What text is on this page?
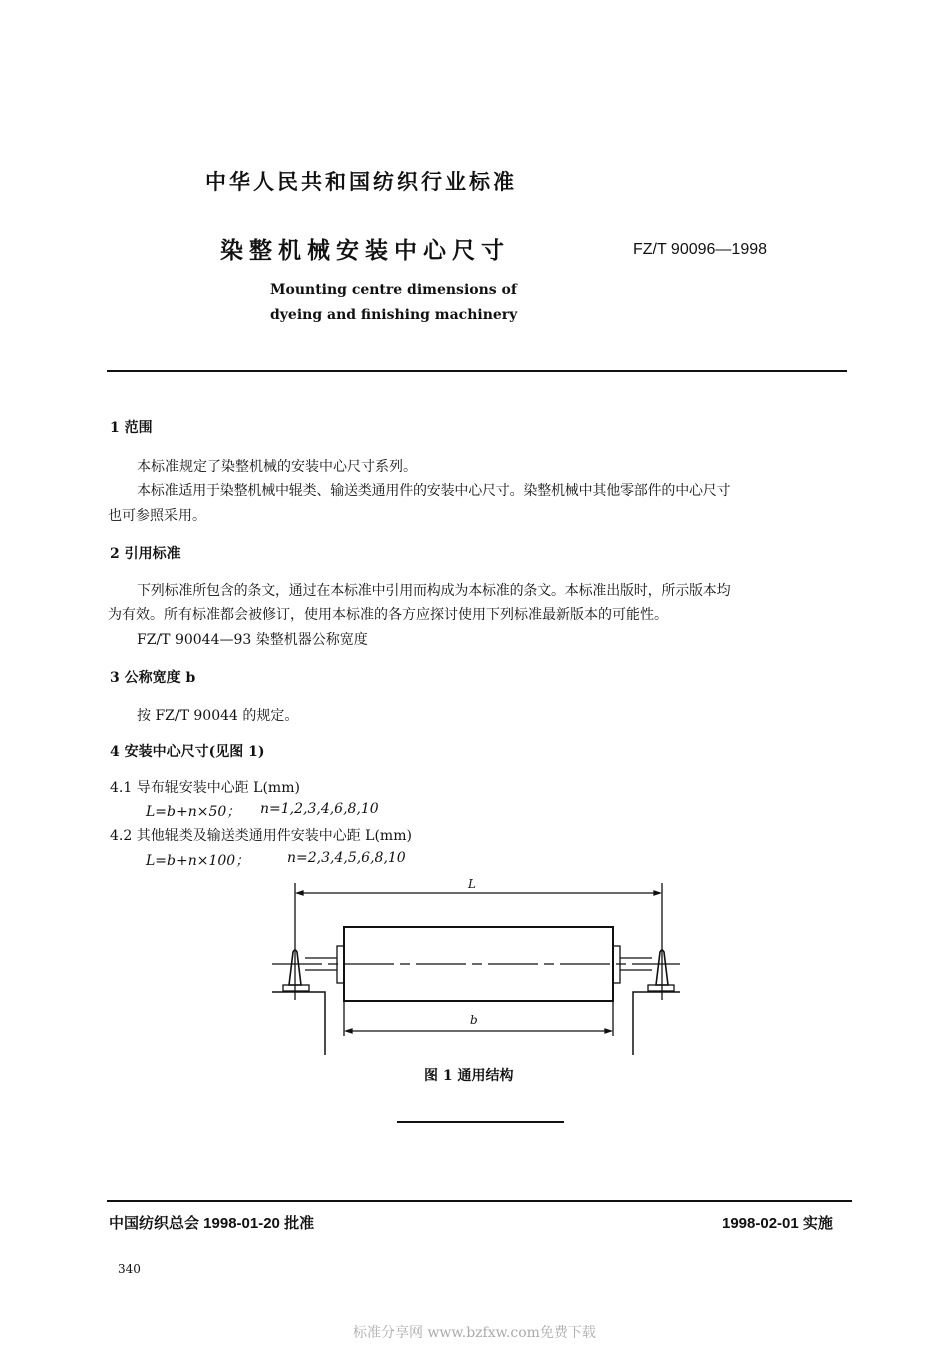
中华人民共和国纺织行业标准
染整机械安装中心尺寸	FZ/T 90096—1998
Mounting centre dimensions of
dyeing and finishing machinery
1 范围
本标准规定了染整机械的安装中心尺寸系列。
本标准适用于染整机械中辊类、输送类通用件的安装中心尺寸。染整机械中其他零部件的中心尺寸
也可参照采用。
2 引用标准
下列标准所包含的条文，通过在本标准中引用而构成为本标准的条文。本标准出版时，所示版本均
为有效。所有标准都会被修订，使用本标准的各方应探讨使用下列标准最新版本的可能性。
FZ/T 90044—93 染整机器公称宽度
3 公称宽度 b
按 FZ/T 90044 的规定。
4 安装中心尺寸(见图 1)
4.1 导布辊安装中心距 L(mm)
L=b+n×50； n=1,2,3,4,6,8,10
4.2 其他辊类及输送类通用件安装中心距 L(mm)
L=b+n×100；	n=2,3,4,5,6,8,10
L
b
图 1 通用结构
中国纺织总会 1998-01-20 批准	1998-02-01 实施
340
标准分享网 www.bzfxw.com免费下载
